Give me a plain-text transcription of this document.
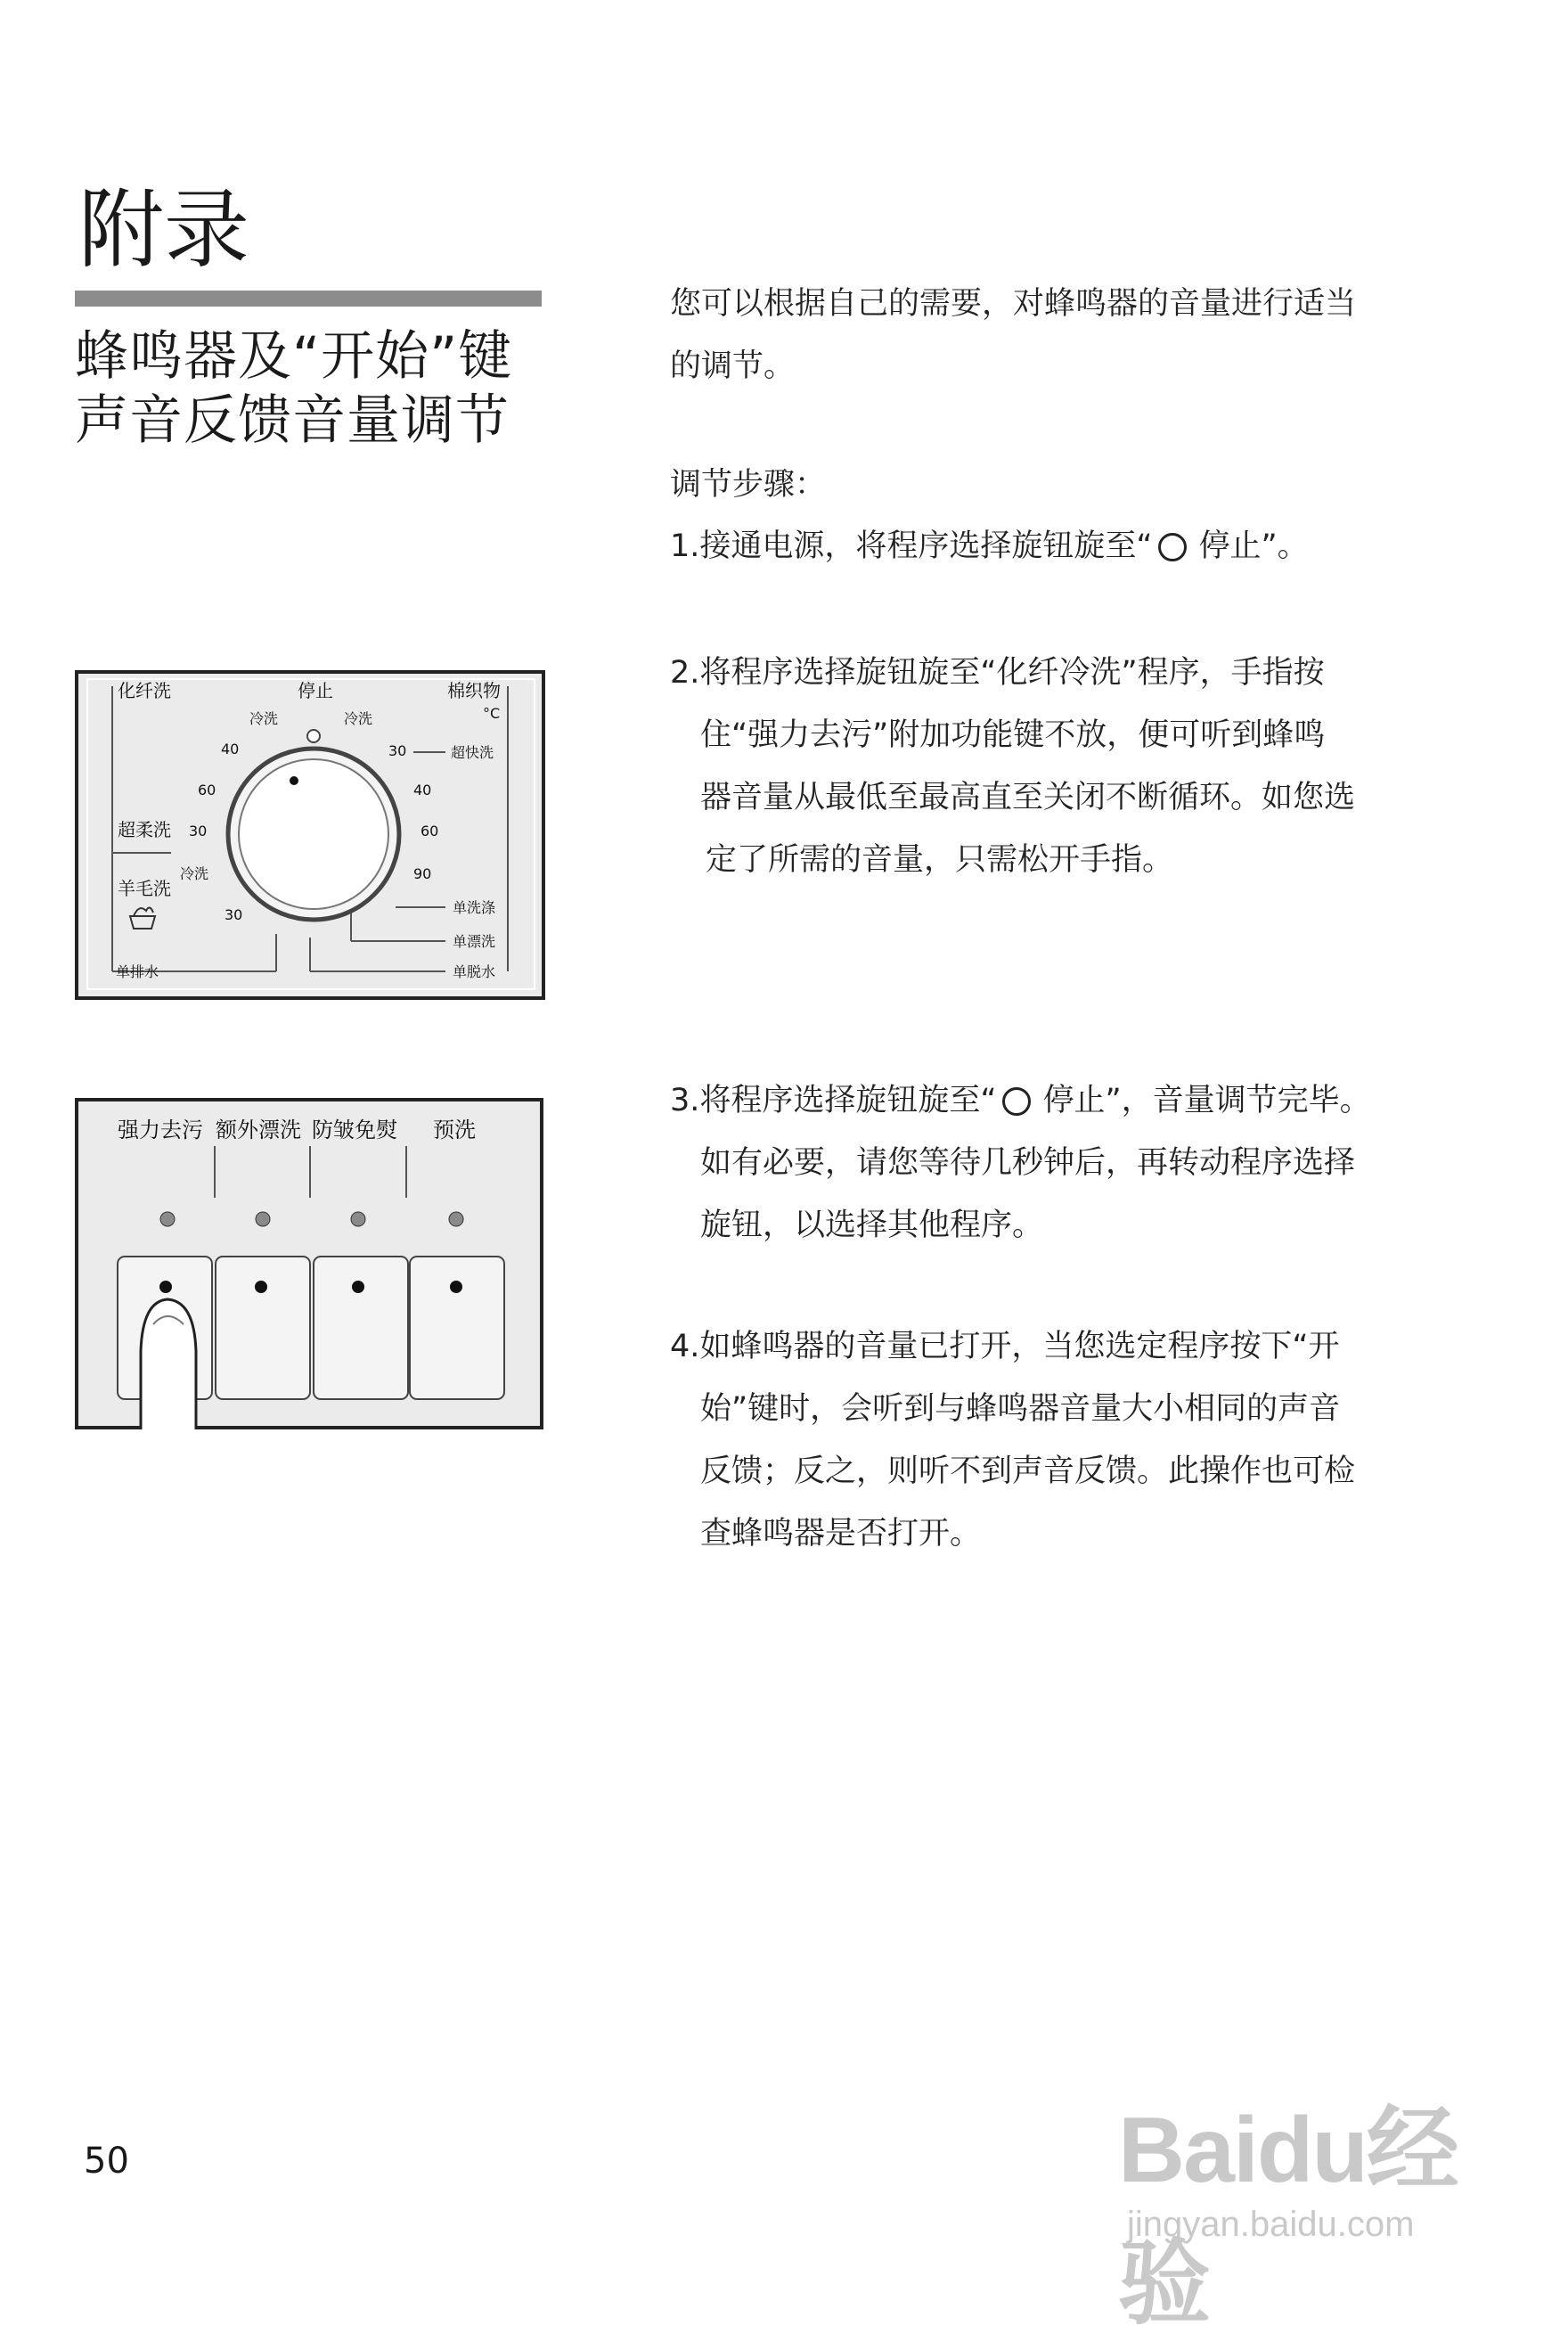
附录
蜂鸣器及“开始”键
声音反馈音量调节
您可以根据自己的需要，对蜂鸣器的音量进行适当
的调节。
调节步骤：
1.接通电源，将程序选择旋钮旋至“ 停止”。
2.将程序选择旋钮旋至“化纤冷洗”程序，手指按
住“强力去污”附加功能键不放，便可听到蜂鸣
器音量从最低至最高直至关闭不断循环。如您选
定了所需的音量，只需松开手指。
3.将程序选择旋钮旋至“ 停止”，音量调节完毕。
如有必要，请您等待几秒钟后，再转动程序选择
旋钮，以选择其他程序。
4.如蜂鸣器的音量已打开，当您选定程序按下“开
始”键时，会听到与蜂鸣器音量大小相同的声音
反馈；反之，则听不到声音反馈。此操作也可检
查蜂鸣器是否打开。
化纤洗	停止	棉织物
°C
冷洗	冷洗
40	30	超快洗
60	40
超柔洗 30	60
冷洗
羊毛洗
90
30	单洗涤
单漂洗
单脱水
单排水
强力去污 额外漂洗 防皱免熨 预洗
50	Baidu经验
jingyan.baidu.com
